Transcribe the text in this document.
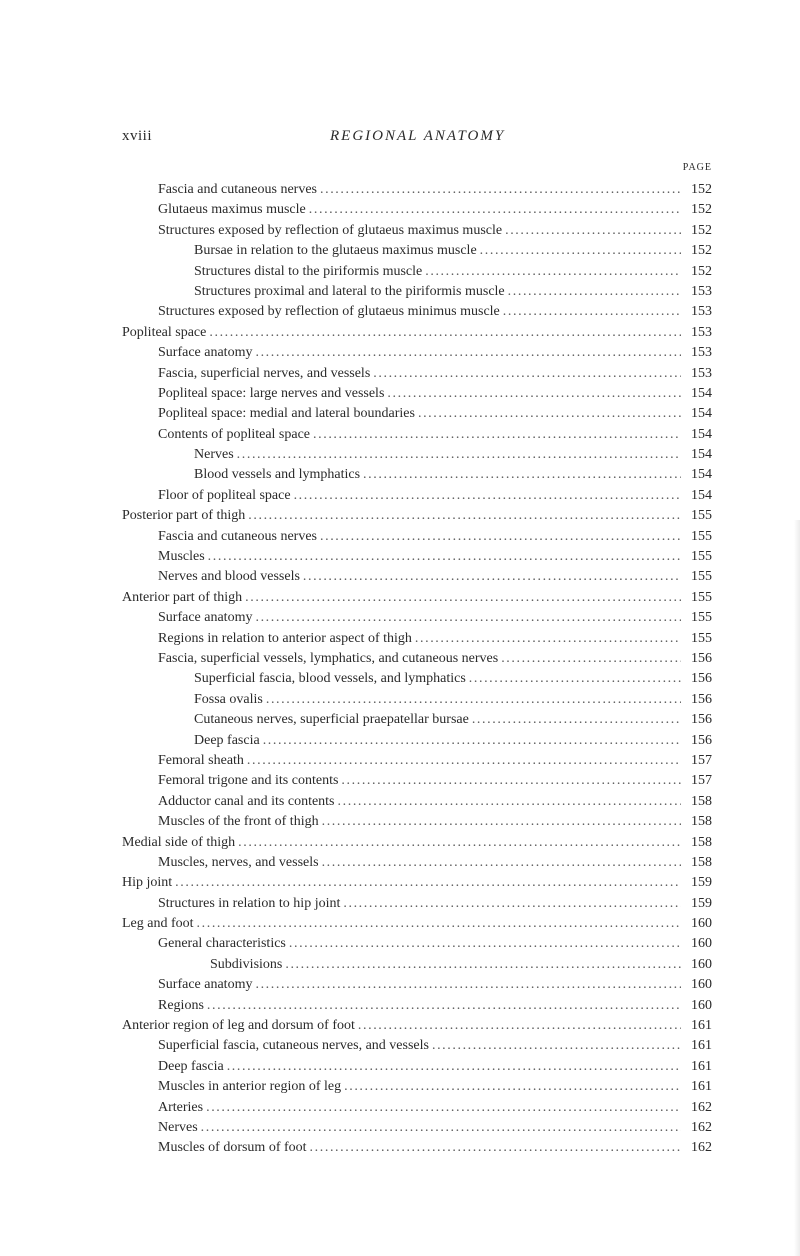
xviii	REGIONAL ANATOMY
PAGE
Fascia and cutaneous nerves .....	152
Glutaeus maximus muscle .....	152
Structures exposed by reflection of glutaeus maximus muscle .....	152
Bursae in relation to the glutaeus maximus muscle .....	152
Structures distal to the piriformis muscle .....	152
Structures proximal and lateral to the piriformis muscle .....	153
Structures exposed by reflection of glutaeus minimus muscle .....	153
Popliteal space .....	153
Surface anatomy .....	153
Fascia, superficial nerves, and vessels .....	153
Popliteal space: large nerves and vessels .....	154
Popliteal space: medial and lateral boundaries .....	154
Contents of popliteal space .....	154
Nerves .....	154
Blood vessels and lymphatics .....	154
Floor of popliteal space .....	154
Posterior part of thigh .....	155
Fascia and cutaneous nerves .....	155
Muscles .....	155
Nerves and blood vessels .....	155
Anterior part of thigh .....	155
Surface anatomy .....	155
Regions in relation to anterior aspect of thigh .....	155
Fascia, superficial vessels, lymphatics, and cutaneous nerves .....	156
Superficial fascia, blood vessels, and lymphatics .....	156
Fossa ovalis .....	156
Cutaneous nerves, superficial praepatellar bursae .....	156
Deep fascia .....	156
Femoral sheath .....	157
Femoral trigone and its contents .....	157
Adductor canal and its contents .....	158
Muscles of the front of thigh .....	158
Medial side of thigh .....	158
Muscles, nerves, and vessels .....	158
Hip joint .....	159
Structures in relation to hip joint .....	159
Leg and foot .....	160
General characteristics .....	160
Subdivisions .....	160
Surface anatomy .....	160
Regions .....	160
Anterior region of leg and dorsum of foot .....	161
Superficial fascia, cutaneous nerves, and vessels .....	161
Deep fascia .....	161
Muscles in anterior region of leg .....	161
Arteries .....	162
Nerves .....	162
Muscles of dorsum of foot .....	162
